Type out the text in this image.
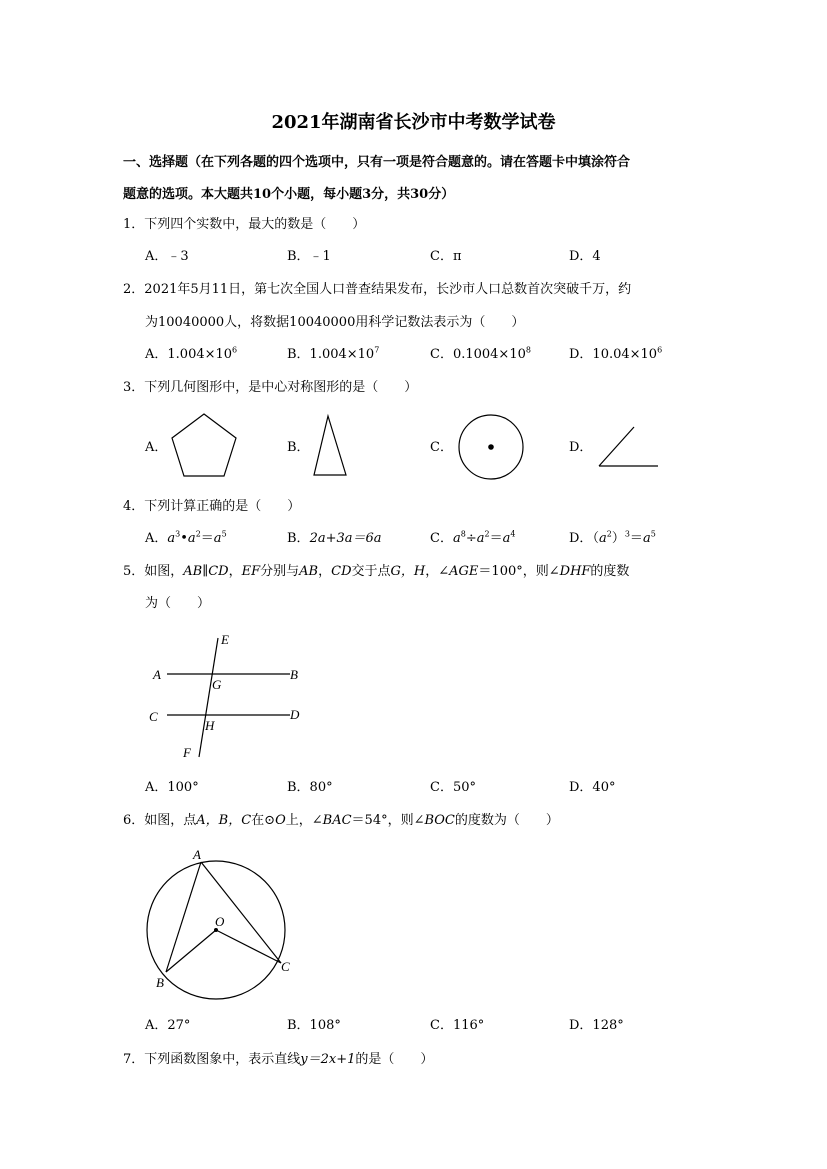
2021年湖南省长沙市中考数学试卷
一、选择题（在下列各题的四个选项中，只有一项是符合题意的。请在答题卡中填涂符合
题意的选项。本大题共10个小题，每小题3分，共30分）
1．下列四个实数中，最大的数是（　　）
A．﹣3	B．﹣1	C．π	D．4
2．2021年5月11日，第七次全国人口普查结果发布，长沙市人口总数首次突破千万，约
为10040000人，将数据10040000用科学记数法表示为（　　）
A．$1.004\times 10^6$	B．$1.004\times 10^7$	C．$0.1004\times 10^8$	D．$10.04\times 10^6$
3．下列几何图形中，是中心对称图形的是（　　）
A．	B．	C．	D．
4．下列计算正确的是（　　）
A．$a^3•a^2=a^5$	B．2a+3a＝6a	C．$a^8\div a^2=a^4$	D．$(a^2)^3=a^5$
5．如图，AB∥CD，EF分别与AB，CD交于点G，H，∠AGE＝100°，则∠DHF的度数
为（　　）
E
A	B
G
C	D
H
F
A．100°	B．80°	C．50°	D．40°
6．如图，点A，B，C在⊙O上，∠BAC＝54°，则∠BOC的度数为（　　）
A
O
B
C
A．27°	B．108°	C．116°	D．128°
7．下列函数图象中，表示直线y＝2x+1的是（　　）
